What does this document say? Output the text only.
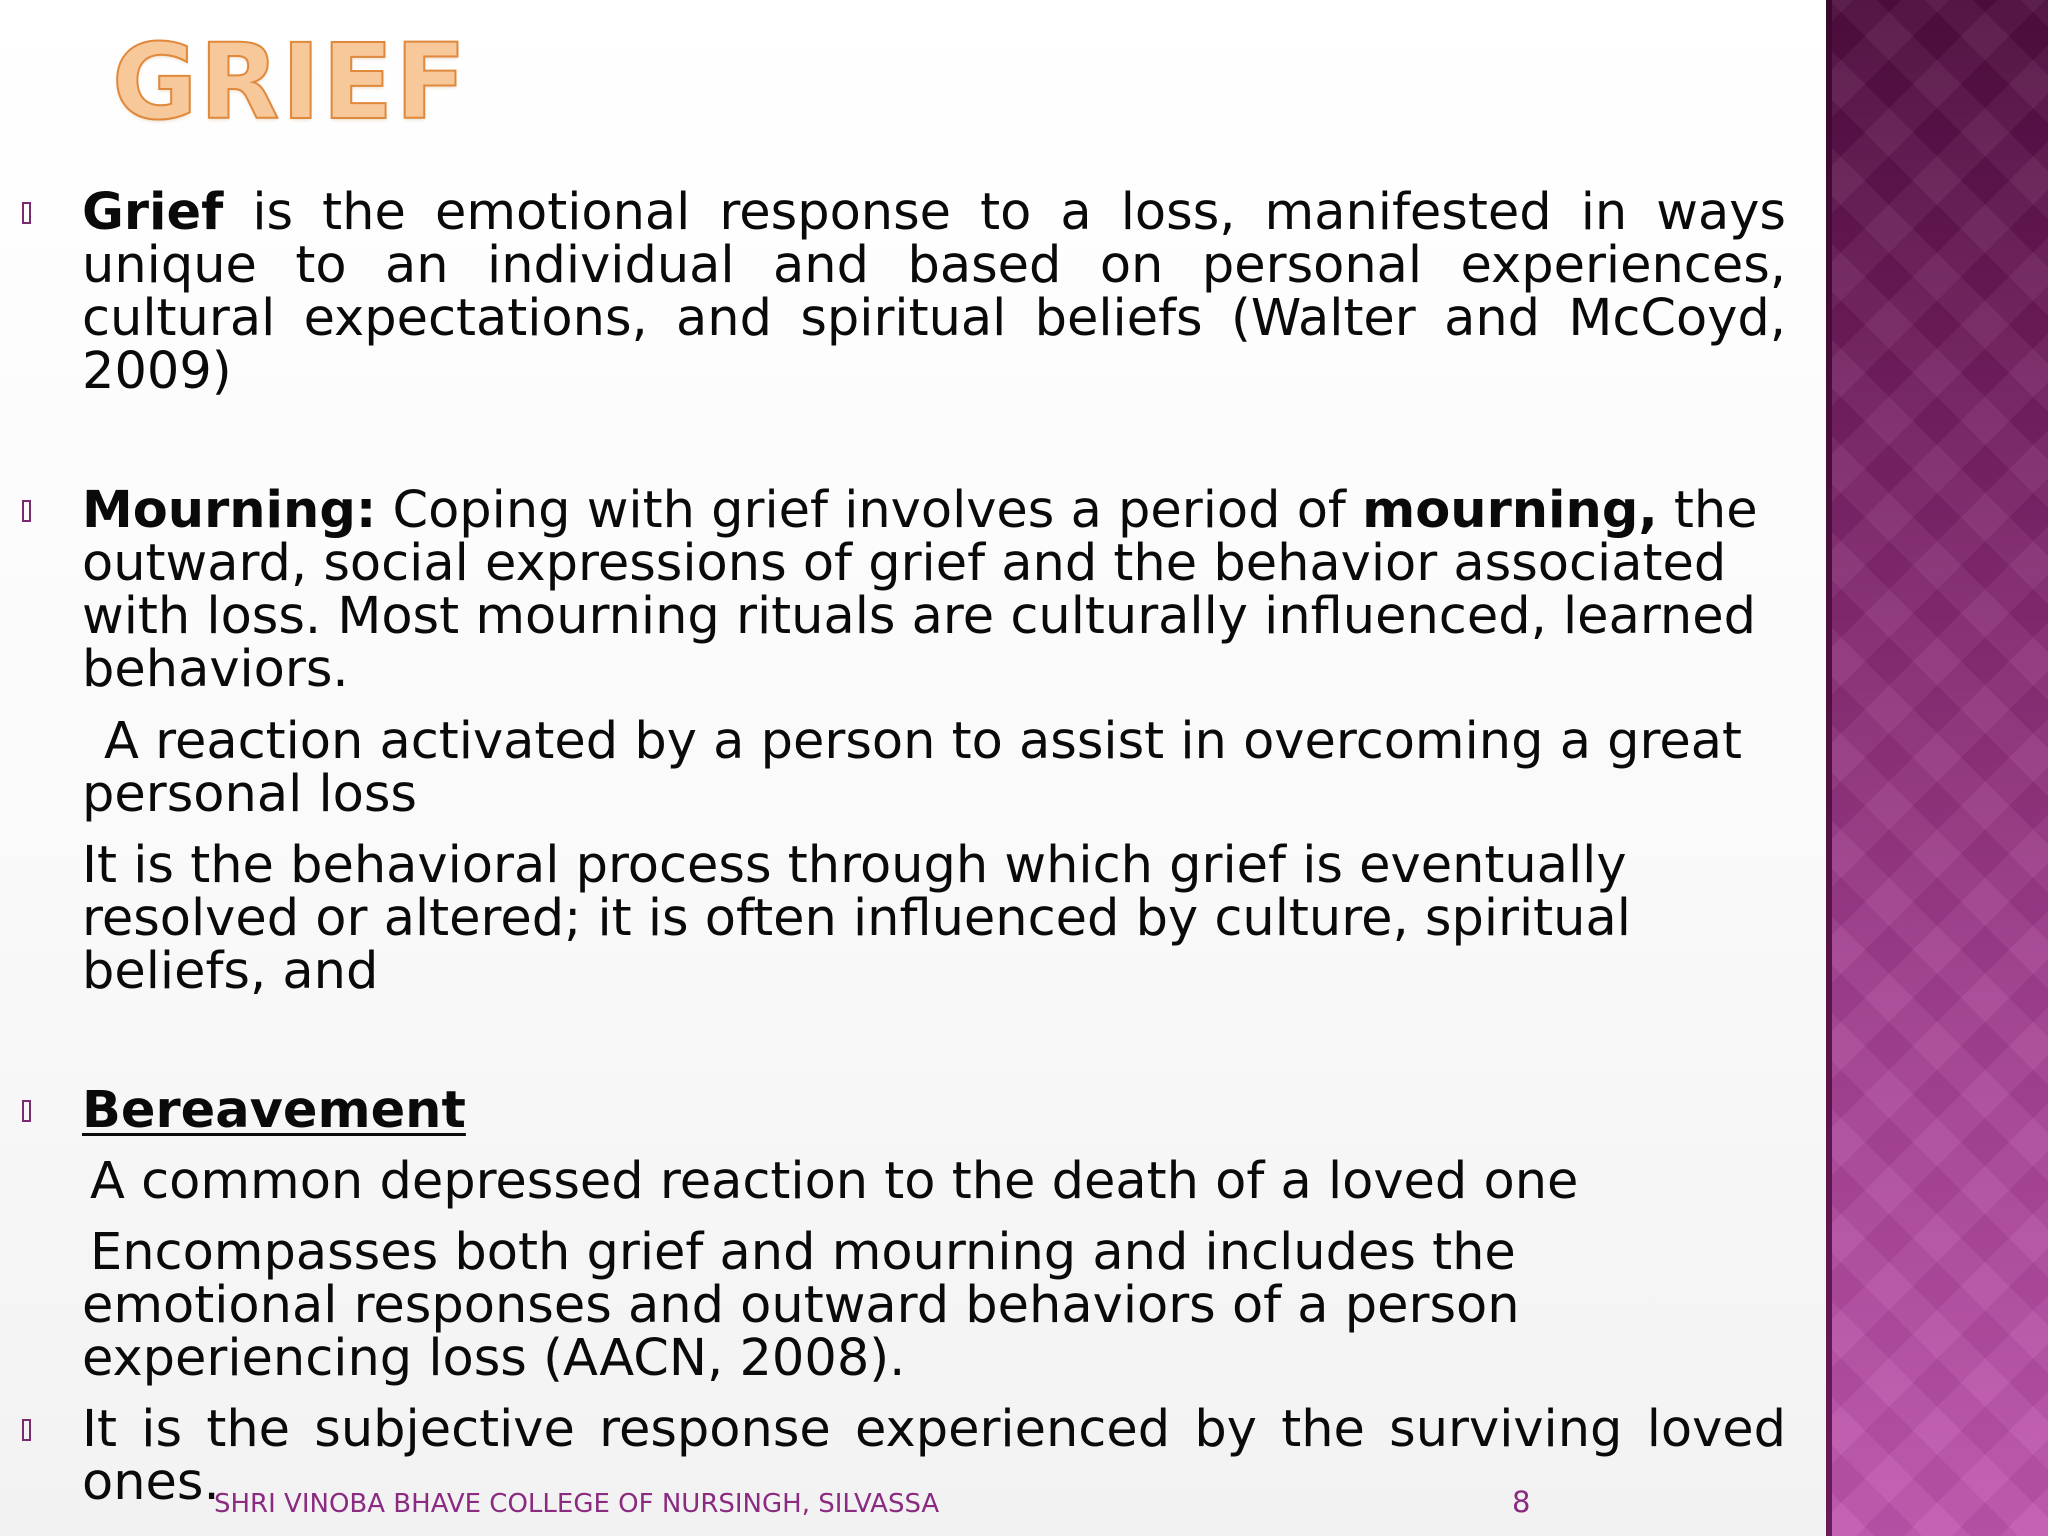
GRIEF

Grief is the emotional response to a loss, manifested in ways unique to an individual and based on personal experiences, cultural expectations, and spiritual beliefs (Walter and McCoyd, 2009)

Mourning: Coping with grief involves a period of mourning, the outward, social expressions of grief and the behavior associated with loss. Most mourning rituals are culturally influenced, learned behaviors.

A reaction activated by a person to assist in overcoming a great personal loss

It is the behavioral process through which grief is eventually resolved or altered; it is often influenced by culture, spiritual beliefs, and

Bereavement

A common depressed reaction to the death of a loved one

Encompasses both grief and mourning and includes the emotional responses and outward behaviors of a person experiencing loss (AACN, 2008).

It is the subjective response experienced by the surviving loved ones.

SHRI VINOBA BHAVE COLLEGE OF NURSINGH, SILVASSA	8
